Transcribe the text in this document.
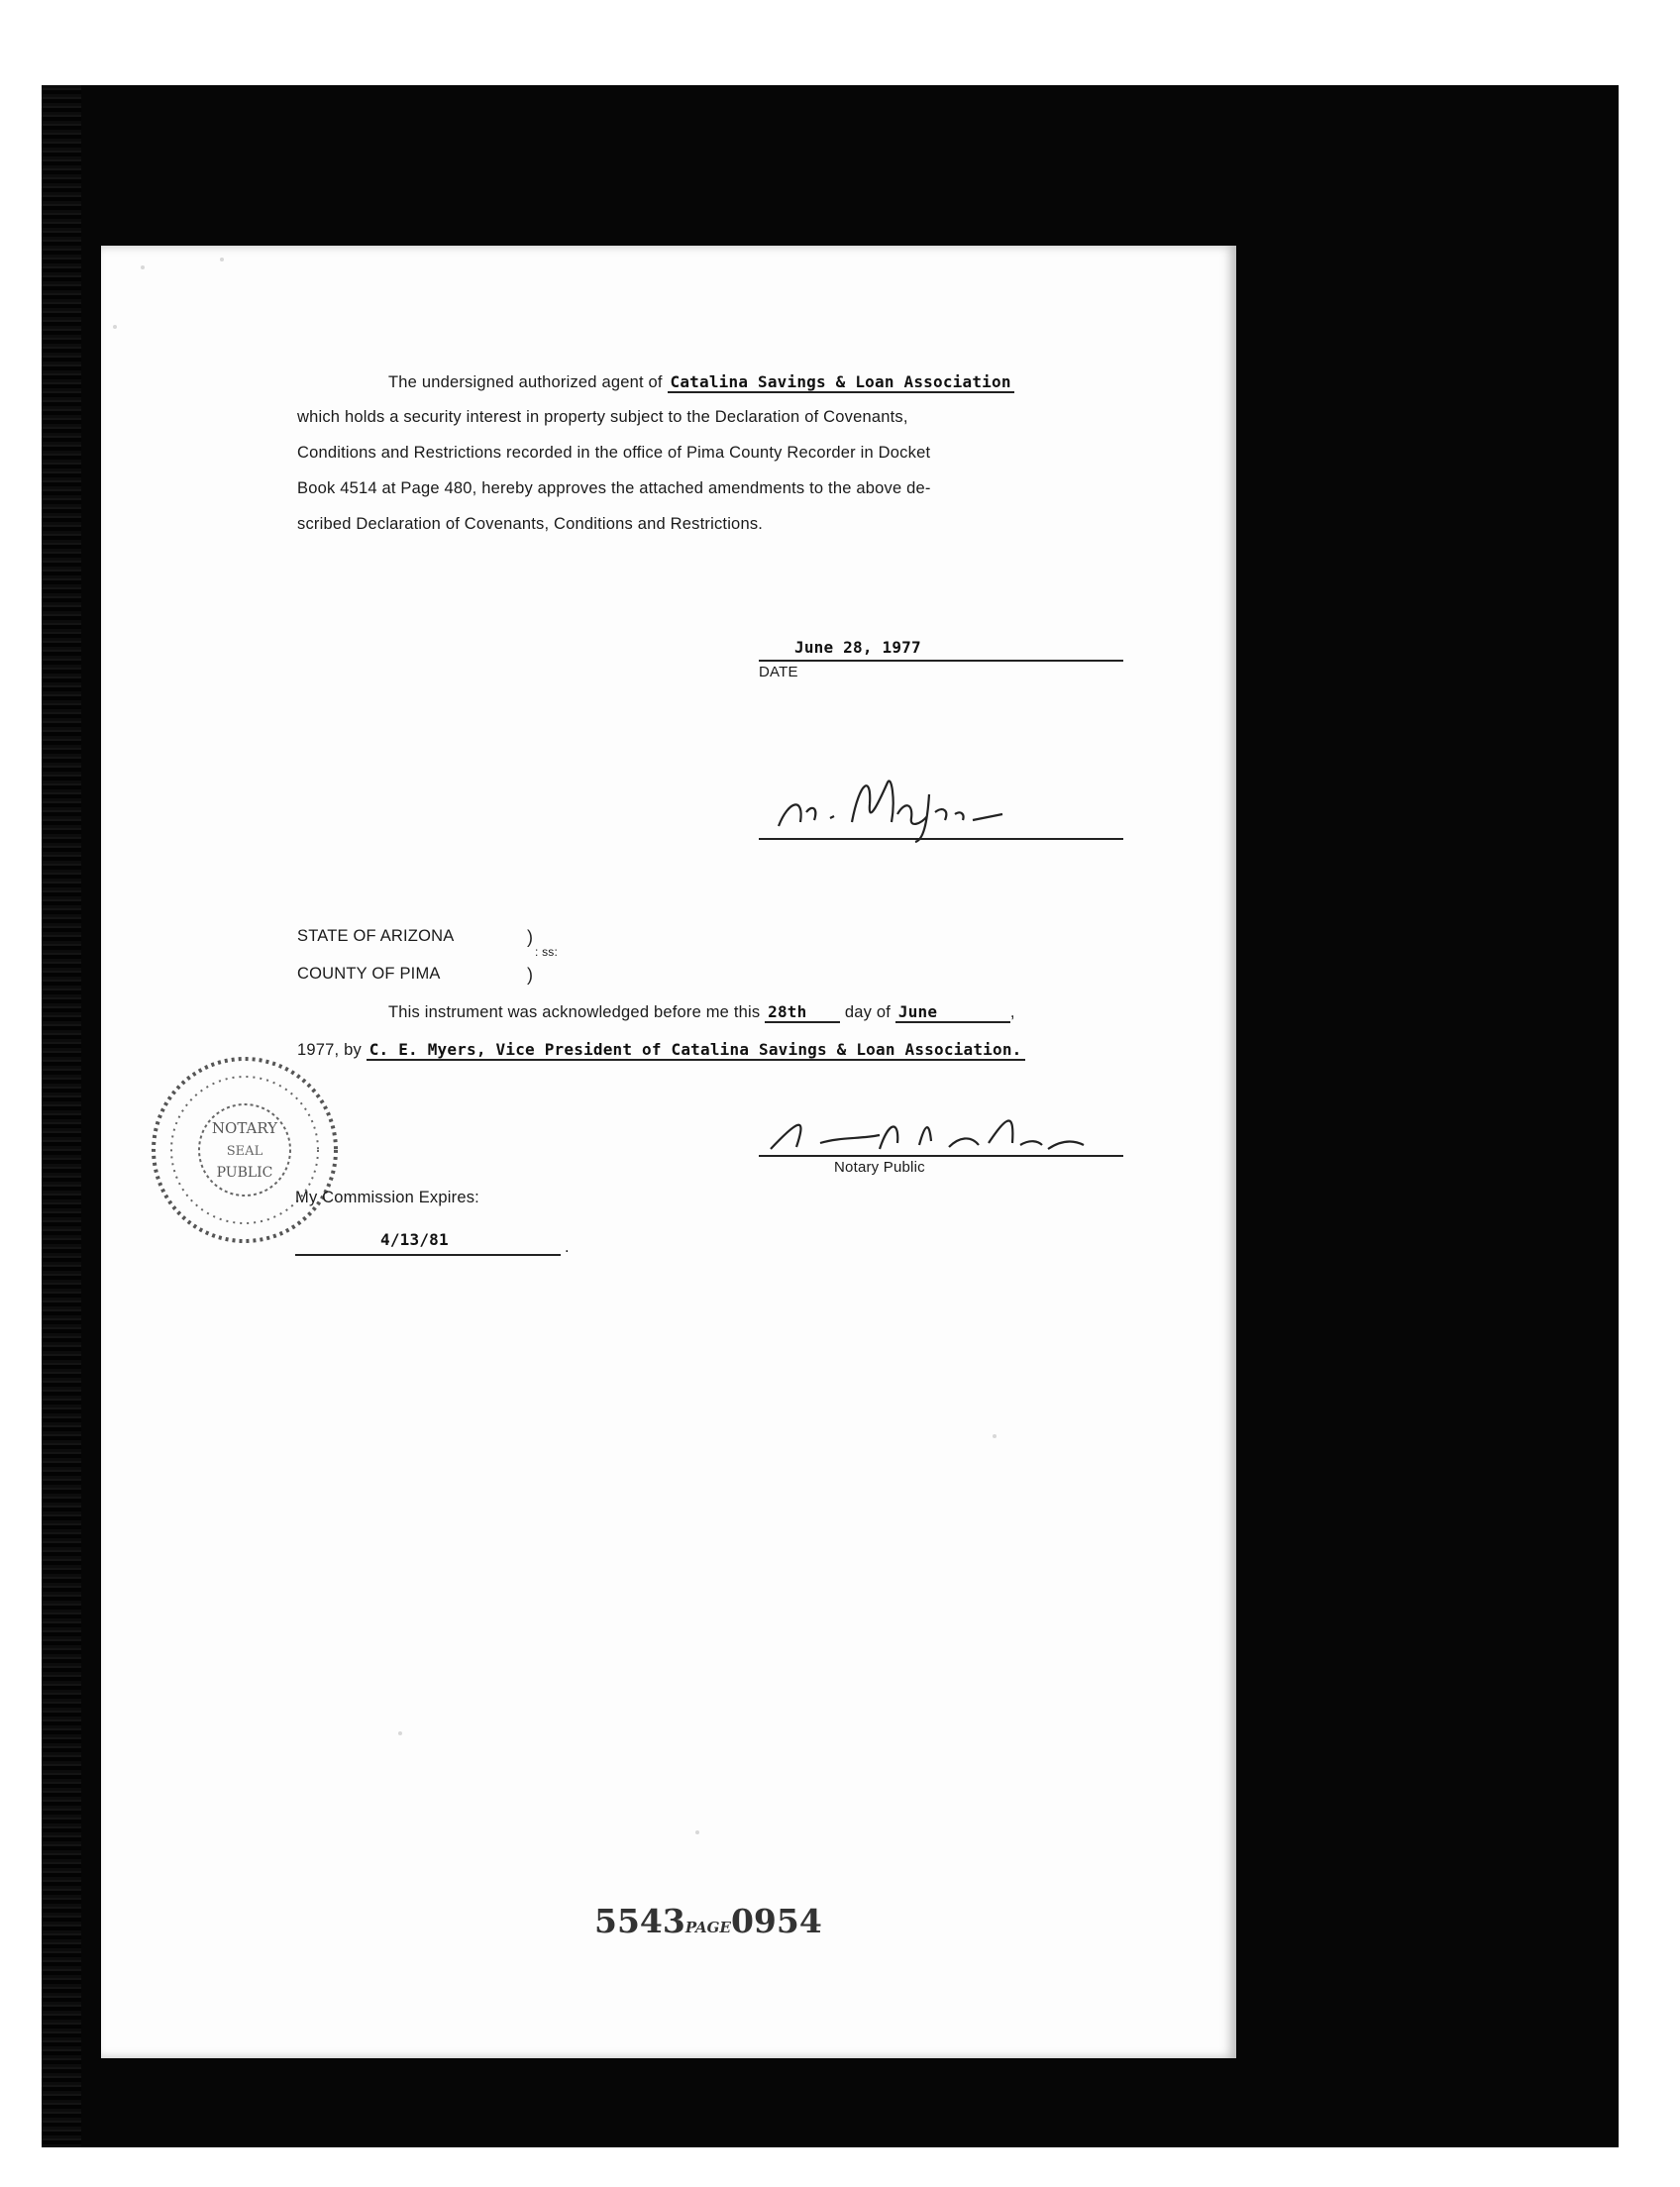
The undersigned authorized agent of Catalina Savings & Loan Association
which holds a security interest in property subject to the Declaration of Covenants,
Conditions and Restrictions recorded in the office of Pima County Recorder in Docket
Book 4514 at Page 480, hereby approves the attached amendments to the above de-
scribed Declaration of Covenants, Conditions and Restrictions.
June 28, 1977
DATE
STATE OF ARIZONA	)
: ss:
COUNTY OF PIMA	)
This instrument was acknowledged before me this 28th day of June	,
1977, by C. E. Myers, Vice President of Catalina Savings & Loan Association.
NOTARY
SEAL
PUBLIC	Notary Public
My Commission Expires:
4/13/81	.
5543PAGE0954
